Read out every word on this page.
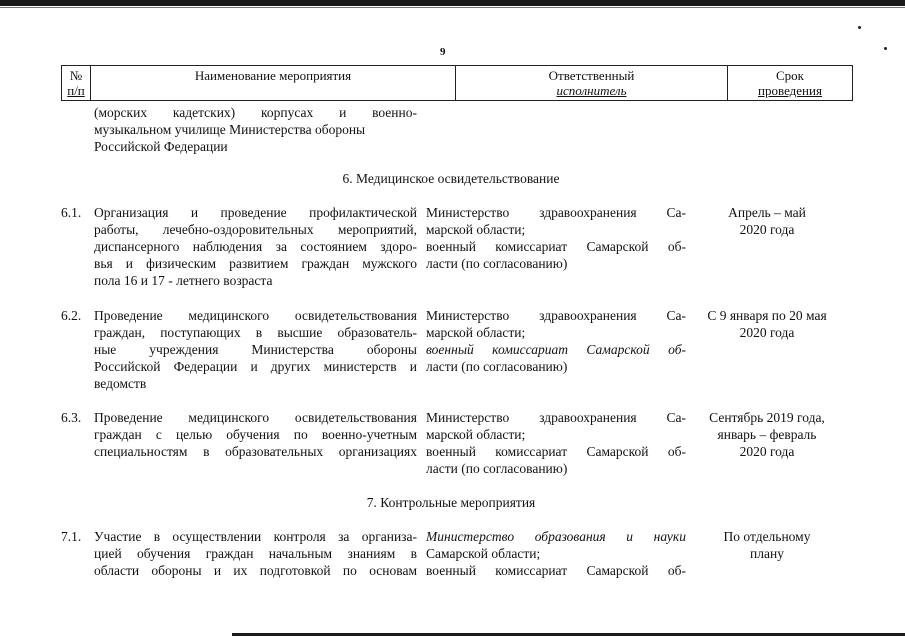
9
№
п/п
Наименование мероприятия	Ответственный
исполнитель
Срок
проведения
(морских кадетских) корпусах и военно-
музыкальном училище Министерства обороны
Российской Федерации
6. Медицинское освидетельствование
6.1. Организация и проведение профилактической
работы, лечебно-оздоровительных мероприятий,
диспансерного наблюдения за состоянием здоро-
вья и физическим развитием граждан мужского
пола 16 и 17 - летнего возраста
Министерство здравоохранения Са-
марской области;
военный комиссариат Самарской об-
ласти (по согласованию)
Апрель – май
2020 года
6.2. Проведение медицинского освидетельствования
граждан, поступающих в высшие образователь-
ные учреждения Министерства обороны
Российской Федерации и других министерств и
ведомств
Министерство здравоохранения Са-
марской области;
военный комиссариат Самарской об-
ласти (по согласованию)
С 9 января по 20 мая
2020 года
6.3. Проведение медицинского освидетельствования
граждан с целью обучения по военно-учетным
специальностям в образовательных организациях
Министерство здравоохранения Са-
марской области;
военный комиссариат Самарской об-
ласти (по согласованию)
Сентябрь 2019 года,
январь – февраль
2020 года
7. Контрольные мероприятия
7.1. Участие в осуществлении контроля за организа-
цией обучения граждан начальным знаниям в
области обороны и их подготовкой по основам
Министерство образования и науки
Самарской области;
военный комиссариат Самарской об-
По отдельному
плану
